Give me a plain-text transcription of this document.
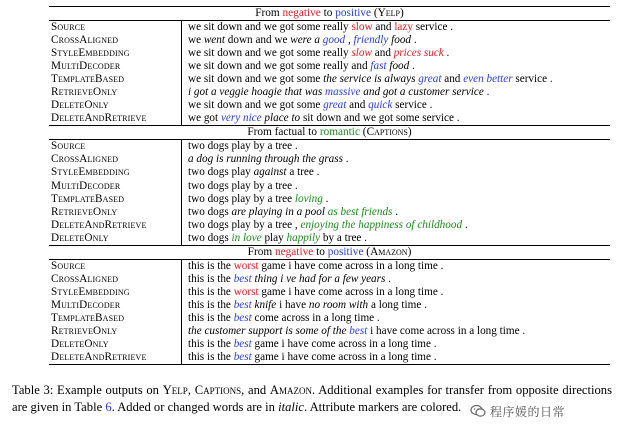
From negative to positive (Yelp)
Source	we sit down and we got some really slow and lazy service .
CrossAligned	we went down and we were a good , friendly food .
StyleEmbedding	we sit down and we got some really slow and prices suck .
MultiDecoder	we sit down and we got some really and fast food .
TemplateBased	we sit down and we got some the service is always great and even better service .
RetrieveOnly	i got a veggie hoagie that was massive and got a customer service .
DeleteOnly	we sit down and we got some great and quick service .
DeleteAndRetrieve	we got very nice place to sit down and we got some service .
From factual to romantic (Captions)
Source	two dogs play by a tree .
CrossAligned	a dog is running through the grass .
StyleEmbedding	two dogs play against a tree .
MultiDecoder	two dogs play by a tree .
TemplateBased	two dogs play by a tree loving .
RetrieveOnly	two dogs are playing in a pool as best friends .
DeleteAndRetrieve	two dogs play by a tree , enjoying the happiness of childhood .
DeleteOnly	two dogs in love play happily by a tree .
From negative to positive (Amazon)
Source	this is the worst game i have come across in a long time .
CrossAligned	this is the best thing i ve had for a few years .
StyleEmbedding	this is the worst game i have come across in a long time .
MultiDecoder	this is the best knife i have no room with a long time .
TemplateBased	this is the best come across in a long time .
RetrieveOnly	the customer support is some of the best i have come across in a long time .
DeleteOnly	this is the best game i have come across in a long time .
DeleteAndRetrieve	this is the best game i have come across in a long time .
Table 3: Example outputs on Yelp, Captions, and Amazon. Additional examples for transfer from opposite directions are given in Table 6. Added or changed words are in italic. Attribute markers are colored.	程序媛的日常
